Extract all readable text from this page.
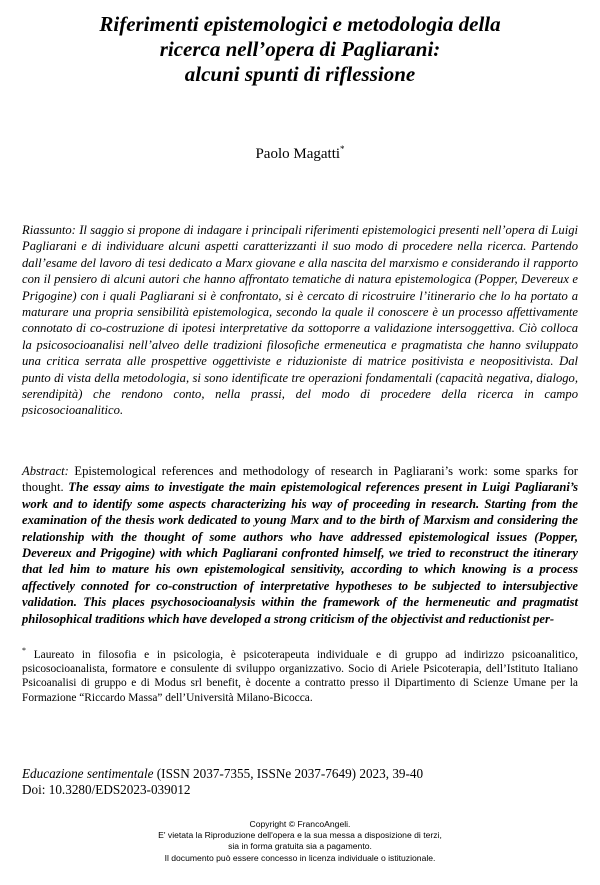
Riferimenti epistemologici e metodologia della
ricerca nell’opera di Pagliarani:
alcuni spunti di riflessione
Paolo Magatti*

Riassunto: Il saggio si propone di indagare i principali riferimenti epistemologici presenti nell’opera di Luigi Pagliarani e di individuare alcuni aspetti caratterizzanti il suo modo di procedere nella ricerca. Partendo dall’esame del lavoro di tesi dedicato a Marx giovane e alla nascita del marxismo e considerando il rapporto con il pensiero di alcuni autori che hanno affrontato tematiche di natura epistemologica (Popper, Devereux e Prigogine) con i quali Pagliarani si è confrontato, si è cercato di ricostruire l’itinerario che lo ha portato a maturare una propria sensibilità epistemologica, secondo la quale il conoscere è un processo affettivamente connotato di co-costruzione di ipotesi interpretative da sottoporre a validazione intersoggettiva. Ciò colloca la psicosocioanalisi nell’alveo delle tradizioni filosofiche ermeneutica e pragmatista che hanno sviluppato una critica serrata alle prospettive oggettiviste e riduzioniste di matrice positivista e neopositivista. Dal punto di vista della metodologia, si sono identificate tre operazioni fondamentali (capacità negativa, dialogo, serendipità) che rendono conto, nella prassi, del modo di procedere della ricerca in campo psicosocioanalitico.

Abstract: Epistemological references and methodology of research in Pagliarani’s work: some sparks for thought. The essay aims to investigate the main epistemological references present in Luigi Pagliarani’s work and to identify some aspects characterizing his way of proceeding in research. Starting from the examination of the thesis work dedicated to young Marx and to the birth of Marxism and considering the relationship with the thought of some authors who have addressed epistemological issues (Popper, Devereux and Prigogine) with which Pagliarani confronted himself, we tried to reconstruct the itinerary that led him to mature his own epistemological sensitivity, according to which knowing is a process affectively connoted for co-construction of interpretative hypotheses to be subjected to intersubjective validation. This places psychosocioanalysis within the framework of the hermeneutic and pragmatist philosophical traditions which have developed a strong criticism of the objectivist and reductionist per-

* Laureato in filosofia e in psicologia, è psicoterapeuta individuale e di gruppo ad indirizzo psicoanalitico, psicosocioanalista, formatore e consulente di sviluppo organizzativo. Socio di Ariele Psicoterapia, dell’Istituto Italiano Psicoanalisi di gruppo e di Modus srl benefit, è docente a contratto presso il Dipartimento di Scienze Umane per la Formazione “Riccardo Massa” dell’Università Milano-Bicocca.

Educazione sentimentale (ISSN 2037-7355, ISSNe 2037-7649) 2023, 39-40
Doi: 10.3280/EDS2023-039012
Copyright © FrancoAngeli.
E' vietata la Riproduzione dell'opera e la sua messa a disposizione di terzi,
sia in forma gratuita sia a pagamento.
Il documento può essere concesso in licenza individuale o istituzionale.
